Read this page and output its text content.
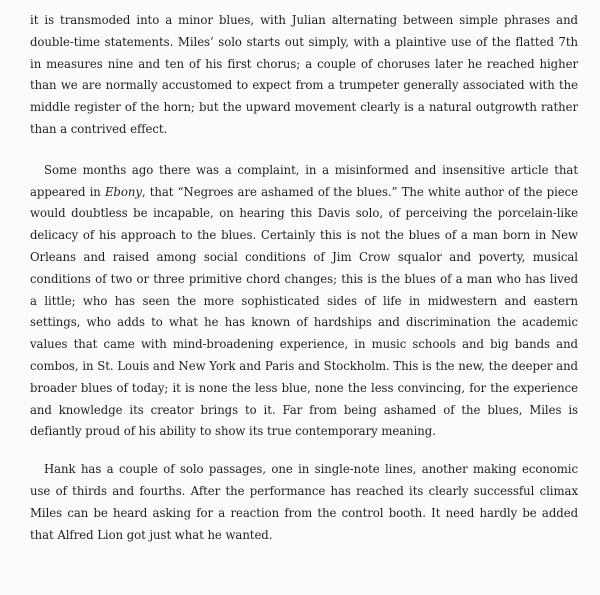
it is transmoded into a minor blues, with Julian alternating between simple phrases and double-time statements. Miles’ solo starts out simply, with a plaintive use of the flatted 7th in measures nine and ten of his first chorus; a couple of choruses later he reached higher than we are normally accustomed to expect from a trumpeter generally associated with the middle register of the horn; but the upward movement clearly is a natural outgrowth rather than a contrived effect.

Some months ago there was a complaint, in a misinformed and insensitive article that appeared in Ebony, that “Negroes are ashamed of the blues.” The white author of the piece would doubtless be incapable, on hearing this Davis solo, of perceiving the porcelain-like delicacy of his approach to the blues. Certainly this is not the blues of a man born in New Orleans and raised among social conditions of Jim Crow squalor and poverty, musical conditions of two or three primitive chord changes; this is the blues of a man who has lived a little; who has seen the more sophisticated sides of life in midwestern and eastern settings, who adds to what he has known of hardships and discrimination the academic values that came with mind-broadening experience, in music schools and big bands and combos, in St. Louis and New York and Paris and Stockholm. This is the new, the deeper and broader blues of today; it is none the less blue, none the less convincing, for the experience and knowledge its creator brings to it. Far from being ashamed of the blues, Miles is defiantly proud of his ability to show its true contemporary meaning.

Hank has a couple of solo passages, one in single-note lines, another making economic use of thirds and fourths. After the performance has reached its clearly successful climax Miles can be heard asking for a reaction from the control booth. It need hardly be added that Alfred Lion got just what he wanted.
